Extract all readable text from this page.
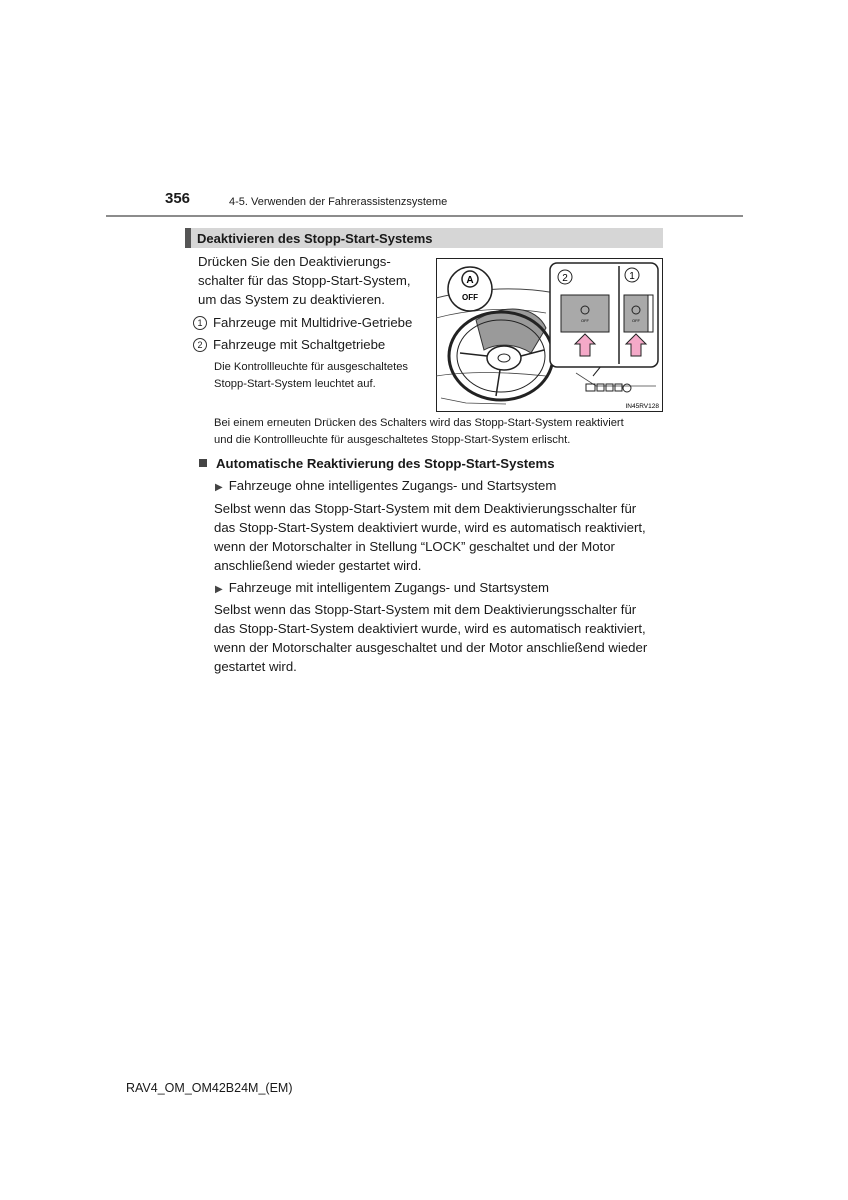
356	4-5. Verwenden der Fahrerassistenzsysteme
Deaktivieren des Stopp-Start-Systems
Drücken Sie den Deaktivierungs-
schalter für das Stopp-Start-System,
um das System zu deaktivieren.
1 Fahrzeuge mit Multidrive-Getriebe
2 Fahrzeuge mit Schaltgetriebe
Die Kontrollleuchte für ausgeschaltetes
Stopp-Start-System leuchtet auf.
Bei einem erneuten Drücken des Schalters wird das Stopp-Start-System reaktiviert
und die Kontrollleuchte für ausgeschaltetes Stopp-Start-System erlischt.
A
OFF
2	1
OFF	OFF
IN45RV128
Automatische Reaktivierung des Stopp-Start-Systems
▶ Fahrzeuge ohne intelligentes Zugangs- und Startsystem
Selbst wenn das Stopp-Start-System mit dem Deaktivierungsschalter für
das Stopp-Start-System deaktiviert wurde, wird es automatisch reaktiviert,
wenn der Motorschalter in Stellung “LOCK” geschaltet und der Motor
anschließend wieder gestartet wird.
▶ Fahrzeuge mit intelligentem Zugangs- und Startsystem
Selbst wenn das Stopp-Start-System mit dem Deaktivierungsschalter für
das Stopp-Start-System deaktiviert wurde, wird es automatisch reaktiviert,
wenn der Motorschalter ausgeschaltet und der Motor anschließend wieder
gestartet wird.
RAV4_OM_OM42B24M_(EM)
